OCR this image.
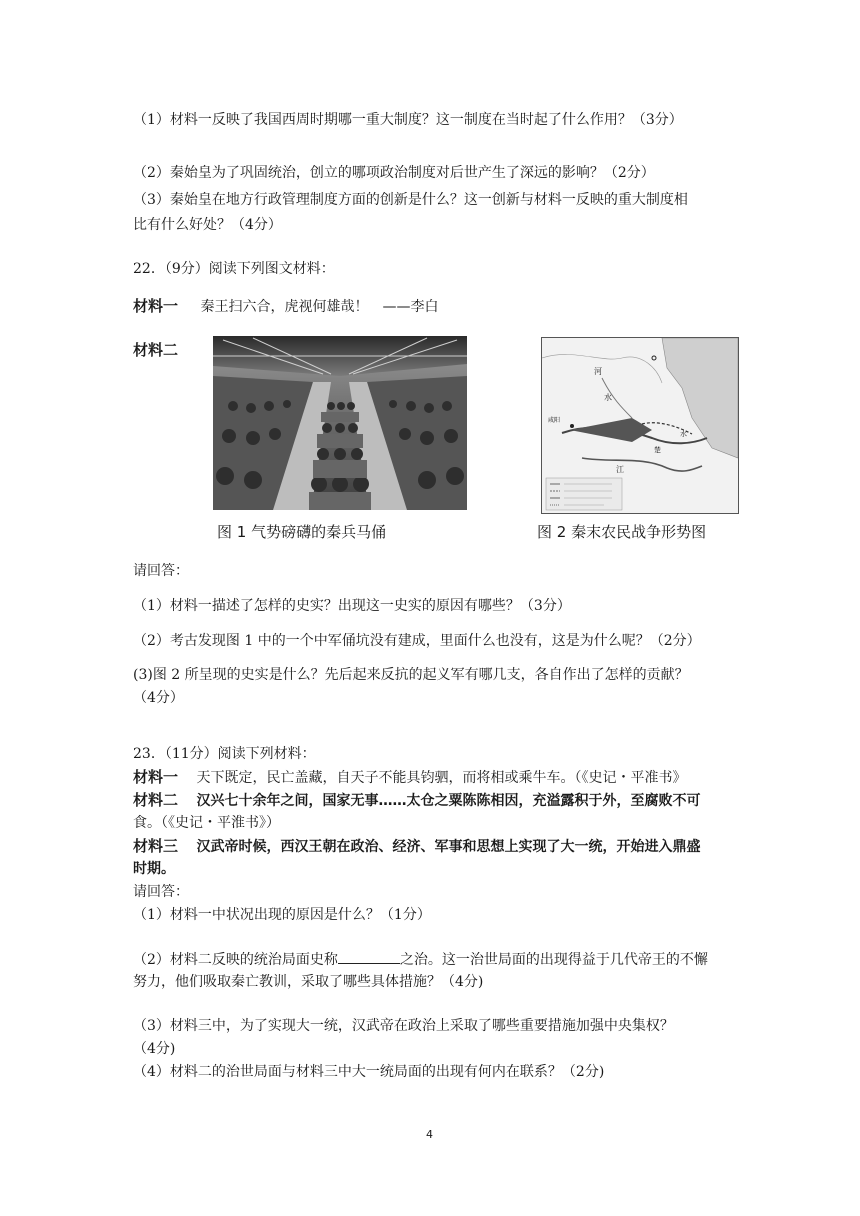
（1）材料一反映了我国西周时期哪一重大制度？这一制度在当时起了什么作用？（3分）
（2）秦始皇为了巩固统治，创立的哪项政治制度对后世产生了深远的影响？（2分）
（3）秦始皇在地方行政管理制度方面的创新是什么？这一创新与材料一反映的重大制度相
比有什么好处？（4分）
22．（9分）阅读下列图文材料：
材料一 秦王扫六合，虎视何雄哉！　——李白
材料二
河
水
咸阳
江
水
楚
图 1 气势磅礴的秦兵马俑	图 2 秦末农民战争形势图
请回答：
（1）材料一描述了怎样的史实？出现这一史实的原因有哪些？（3分）
（2）考古发现图 1 中的一个中军俑坑没有建成，里面什么也没有，这是为什么呢？（2分）
(3)图 2 所呈现的史实是什么？先后起来反抗的起义军有哪几支，各自作出了怎样的贡献？
（4分）
23．（11分）阅读下列材料：
材料一 天下既定，民亡盖藏，自天子不能具钧驷，而将相或乘牛车。（《史记・平准书》
材料二 汉兴七十余年之间，国家无事……太仓之粟陈陈相因，充溢露积于外，至腐败不可
食。（《史记・平淮书》）
材料三 汉武帝时候，西汉王朝在政治、经济、军事和思想上实现了大一统，开始进入鼎盛
时期。
请回答：
（1）材料一中状况出现的原因是什么？（1分）
（2）材料二反映的统治局面史称	之治。这一治世局面的出现得益于几代帝王的不懈
努力，他们吸取秦亡教训，采取了哪些具体措施？（4分)
（3）材料三中，为了实现大一统，汉武帝在政治上采取了哪些重要措施加强中央集权？
（4分)
（4）材料二的治世局面与材料三中大一统局面的出现有何内在联系？（2分)
4
